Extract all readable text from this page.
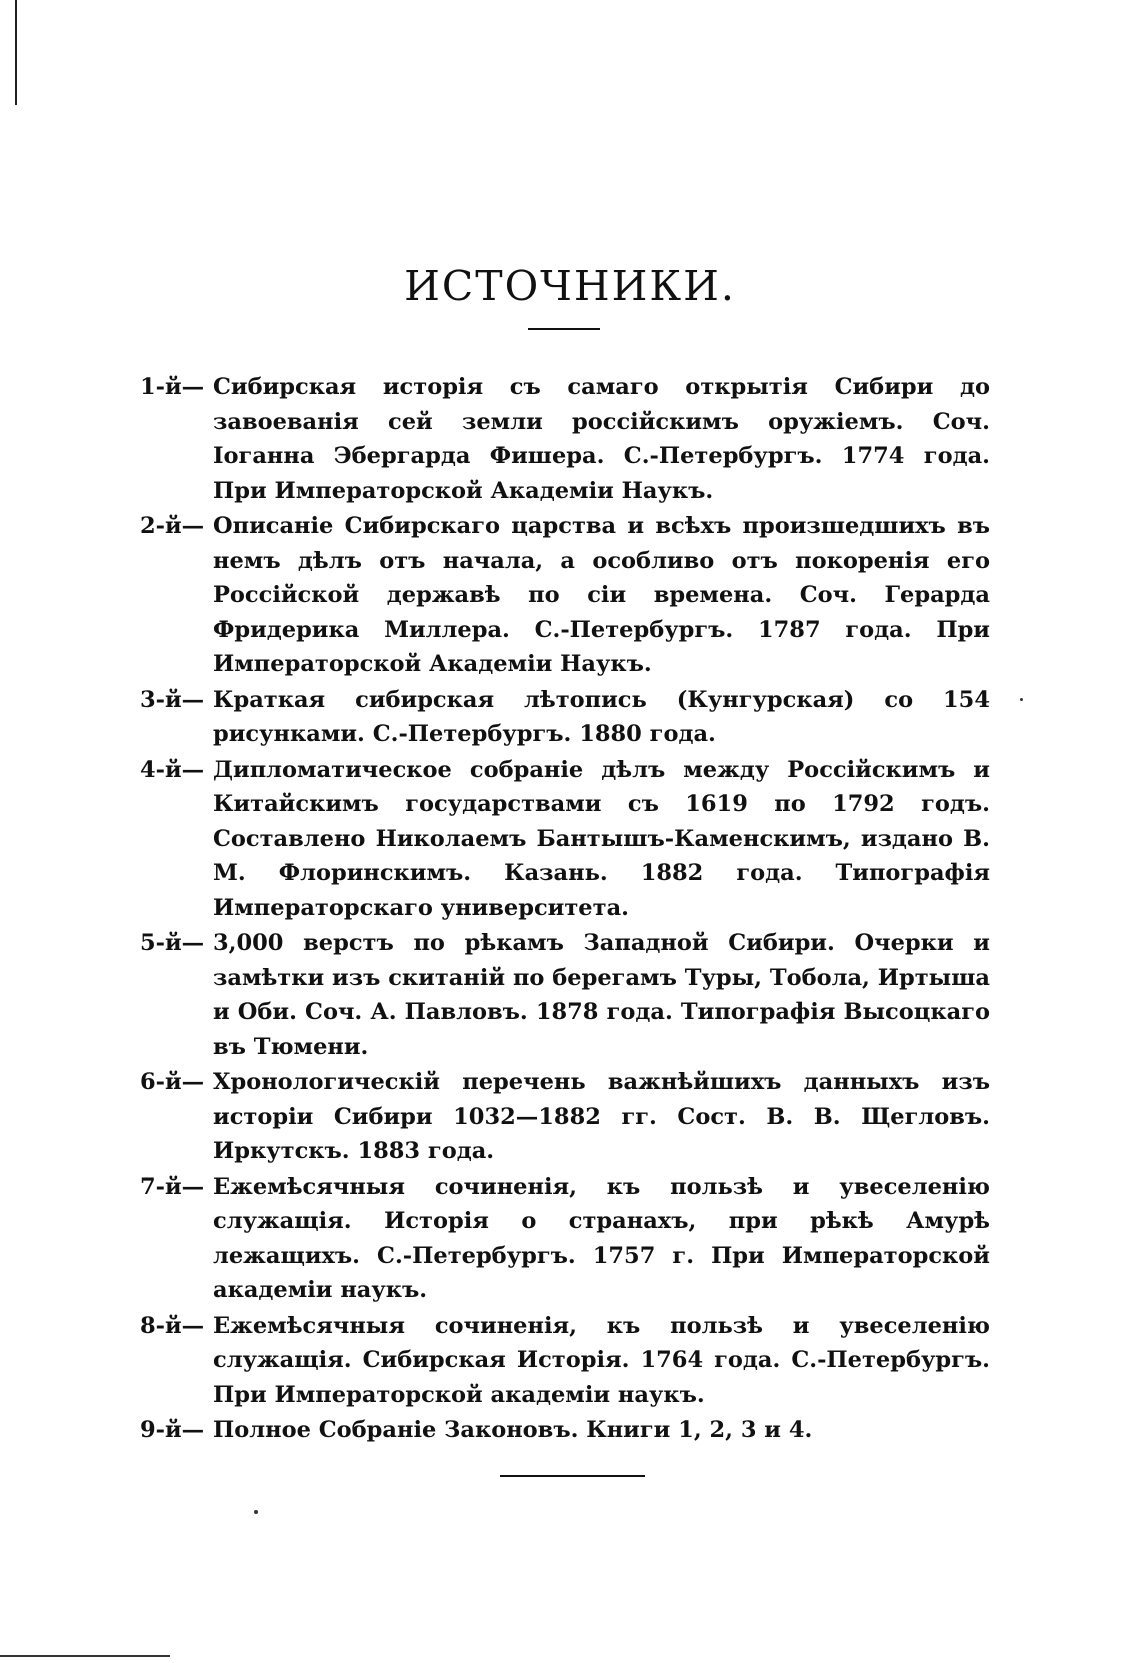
ИСТОЧНИКИ.
1-й— Сибирская исторія съ самаго открытія Сибири до завоеванія сей земли россійскимъ оружіемъ. Соч. Іоганна Эбергарда Фишера. С.-Петербургъ. 1774 года. При Императорской Академіи Наукъ.
2-й— Описаніе Сибирскаго царства и всѣхъ произшедшихъ въ немъ дѣлъ отъ начала, а особливо отъ покоренія его Россійской державѣ по сіи времена. Соч. Герарда Фридерика Миллера. С.-Петербургъ. 1787 года. При Императорской Академіи Наукъ.
3-й— Краткая сибирская лѣтопись (Кунгурская) со 154 рисунками. С.-Петербургъ. 1880 года.
4-й— Дипломатическое собраніе дѣлъ между Россійскимъ и Китайскимъ государствами съ 1619 по 1792 годъ. Составлено Николаемъ Бантышъ-Каменскимъ, издано В. М. Флоринскимъ. Казань. 1882 года. Типографія Императорскаго университета.
5-й— 3,000 верстъ по рѣкамъ Западной Сибири. Очерки и замѣтки изъ скитаній по берегамъ Туры, Тобола, Иртыша и Оби. Соч. А. Павловъ. 1878 года. Типографія Высоцкаго въ Тюмени.
6-й— Хронологическій перечень важнѣйшихъ данныхъ изъ исторіи Сибири 1032—1882 гг. Сост. В. В. Щегловъ. Иркутскъ. 1883 года.
7-й— Ежемѣсячныя сочиненія, къ пользѣ и увеселенію служащія. Исторія о странахъ, при рѣкѣ Амурѣ лежащихъ. С.-Петербургъ. 1757 г. При Императорской академіи наукъ.
8-й— Ежемѣсячныя сочиненія, къ пользѣ и увеселенію служащія. Сибирская Исторія. 1764 года. С.-Петербургъ. При Императорской академіи наукъ.
9-й— Полное Собраніе Законовъ. Книги 1, 2, 3 и 4.
